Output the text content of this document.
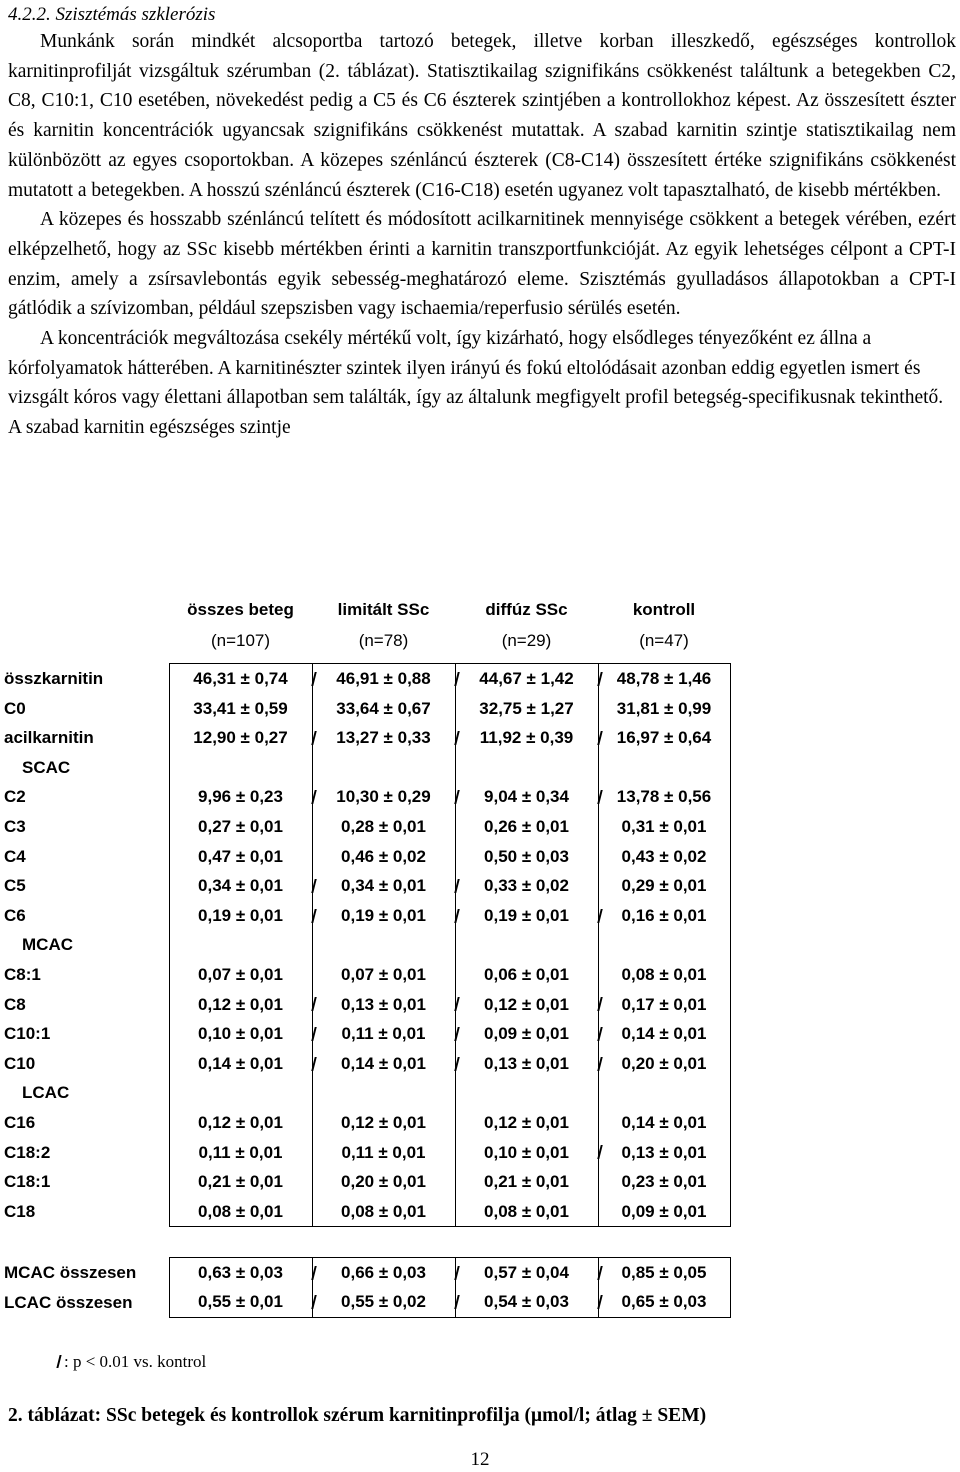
4.2.2. Szisztémás szklerózis

Munkánk során mindkét alcsoportba tartozó betegek, illetve korban illeszkedő, egészséges kontrollok karnitinprofilját vizsgáltuk szérumban (2. táblázat). Statisztikailag szignifikáns csökkenést találtunk a betegekben C2, C8, C10:1, C10 esetében, növekedést pedig a C5 és C6 észterek szintjében a kontrollokhoz képest. Az összesített észter és karnitin koncentrációk ugyancsak szignifikáns csökkenést mutattak. A szabad karnitin szintje statisztikailag nem különbözött az egyes csoportokban. A közepes szénláncú észterek (C8-C14) összesített értéke szignifikáns csökkenést mutatott a betegekben. A hosszú szénláncú észterek (C16-C18) esetén ugyanez volt tapasztalható, de kisebb mértékben.

A közepes és hosszabb szénláncú telített és módosított acilkarnitinek mennyisége csökkent a betegek vérében, ezért elképzelhető, hogy az SSc kisebb mértékben érinti a karnitin transzportfunkcióját. Az egyik lehetséges célpont a CPT-I enzim, amely a zsírsavlebontás egyik sebesség-meghatározó eleme. Szisztémás gyulladásos állapotokban a CPT-I gátlódik a szívizomban, például szepszisben vagy ischaemia/reperfusio sérülés esetén.

A koncentrációk megváltozása csekély mértékű volt, így kizárható, hogy elsődleges tényezőként ez állna a kórfolyamatok hátterében. A karnitinészter szintek ilyen irányú és fokú eltolódásait azonban eddig egyetlen ismert és vizsgált kóros vagy élettani állapotban sem találták, így az általunk megfigyelt profil betegség-specifikusnak tekinthető. A szabad karnitin egészséges szintje

	összes beteg	limitált SSc	diffúz SSc	kontroll
	(n=107)	(n=78)	(n=29)	(n=47)
összkarnitin	46,31 ± 0,74	46,91 ± 0,88	44,67 ± 1,42	48,78 ± 1,46
C0	33,41 ± 0,59	33,64 ± 0,67	32,75 ± 1,27	31,81 ± 0,99
acilkarnitin	12,90 ± 0,27	13,27 ± 0,33	11,92 ± 0,39	16,97 ± 0,64
SCAC				
C2	9,96 ± 0,23	10,30 ± 0,29	9,04 ± 0,34	13,78 ± 0,56
C3	0,27 ± 0,01	0,28 ± 0,01	0,26 ± 0,01	0,31 ± 0,01
C4	0,47 ± 0,01	0,46 ± 0,02	0,50 ± 0,03	0,43 ± 0,02
C5	0,34 ± 0,01	0,34 ± 0,01	0,33 ± 0,02	0,29 ± 0,01
C6	0,19 ± 0,01	0,19 ± 0,01	0,19 ± 0,01	0,16 ± 0,01
MCAC				
C8:1	0,07 ± 0,01	0,07 ± 0,01	0,06 ± 0,01	0,08 ± 0,01
C8	0,12 ± 0,01	0,13 ± 0,01	0,12 ± 0,01	0,17 ± 0,01
C10:1	0,10 ± 0,01	0,11 ± 0,01	0,09 ± 0,01	0,14 ± 0,01
C10	0,14 ± 0,01	0,14 ± 0,01	0,13 ± 0,01	0,20 ± 0,01
LCAC				
C16	0,12 ± 0,01	0,12 ± 0,01	0,12 ± 0,01	0,14 ± 0,01
C18:2	0,11 ± 0,01	0,11 ± 0,01	0,10 ± 0,01	0,13 ± 0,01
C18:1	0,21 ± 0,01	0,20 ± 0,01	0,21 ± 0,01	0,23 ± 0,01
C18	0,08 ± 0,01	0,08 ± 0,01	0,08 ± 0,01	0,09 ± 0,01

MCAC összesen	0,63 ± 0,03	0,66 ± 0,03	0,57 ± 0,04	0,85 ± 0,05
LCAC összesen	0,55 ± 0,01	0,55 ± 0,02	0,54 ± 0,03	0,65 ± 0,03
: p < 0.01 vs. kontrol
2. táblázat: SSc betegek és kontrollok szérum karnitinprofilja (μmol/l; átlag ± SEM)
12
